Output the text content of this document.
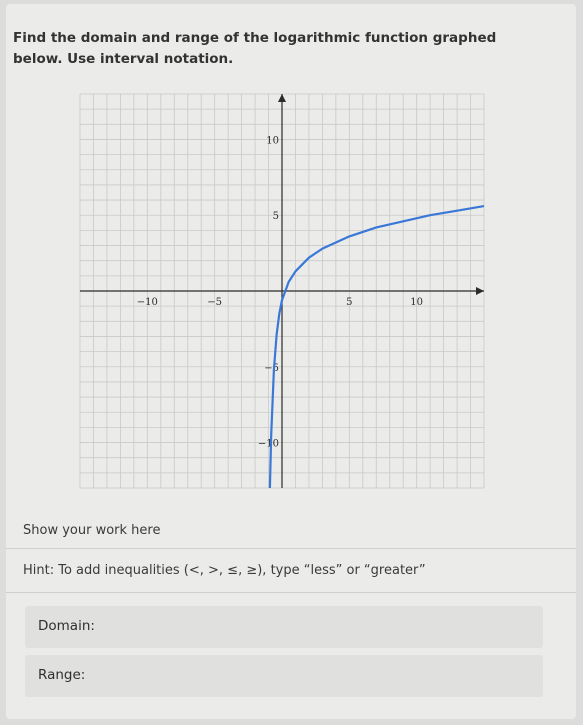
Find the domain and range of the logarithmic function graphed below. Use interval notation.

−10	−5	5	10
10
5
−5
−10
Show your work here
Hint: To add inequalities (<, >, ≤, ≥), type “less” or “greater”
Domain:
Range:
